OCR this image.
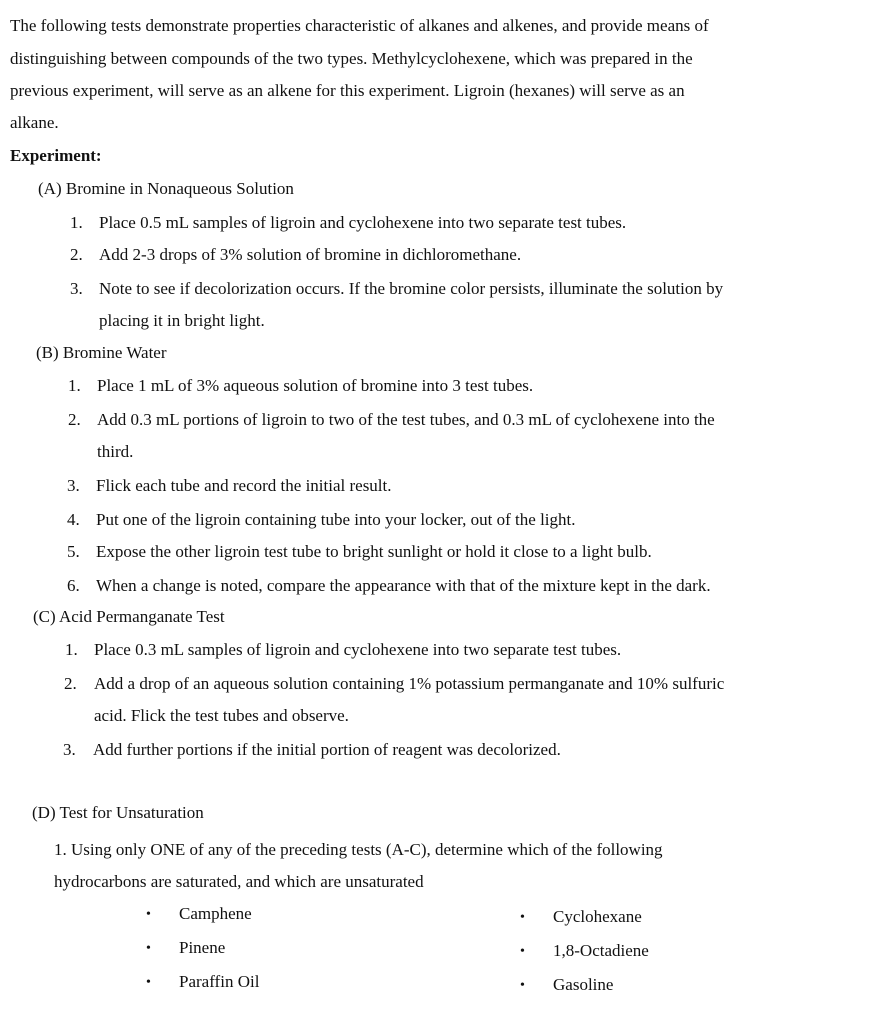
The following tests demonstrate properties characteristic of alkanes and alkenes, and provide means of
distinguishing between compounds of the two types. Methylcyclohexene, which was prepared in the
previous experiment, will serve as an alkene for this experiment. Ligroin (hexanes) will serve as an
alkane.
Experiment:
(A) Bromine in Nonaqueous Solution
1. Place 0.5 mL samples of ligroin and cyclohexene into two separate test tubes.
2. Add 2-3 drops of 3% solution of bromine in dichloromethane.
3. Note to see if decolorization occurs. If the bromine color persists, illuminate the solution by
placing it in bright light.
(B) Bromine Water
1. Place 1 mL of 3% aqueous solution of bromine into 3 test tubes.
2. Add 0.3 mL portions of ligroin to two of the test tubes, and 0.3 mL of cyclohexene into the
third.
3. Flick each tube and record the initial result.
4. Put one of the ligroin containing tube into your locker, out of the light.
5. Expose the other ligroin test tube to bright sunlight or hold it close to a light bulb.
6. When a change is noted, compare the appearance with that of the mixture kept in the dark.
(C) Acid Permanganate Test
1. Place 0.3 mL samples of ligroin and cyclohexene into two separate test tubes.
2. Add a drop of an aqueous solution containing 1% potassium permanganate and 10% sulfuric
acid. Flick the test tubes and observe.
3. Add further portions if the initial portion of reagent was decolorized.
(D) Test for Unsaturation
1. Using only ONE of any of the preceding tests (A-C), determine which of the following
hydrocarbons are saturated, and which are unsaturated
• Camphene
• Pinene
• Paraffin Oil
• Cyclohexane
• 1,8-Octadiene
• Gasoline
